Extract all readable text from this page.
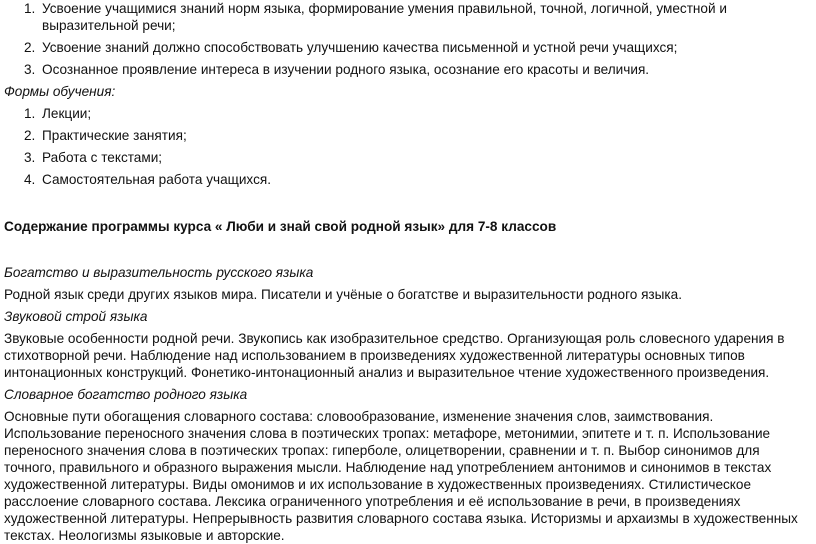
1. Усвоение учащимися знаний норм языка, формирование умения правильной, точной, логичной, уместной и выразительной речи;
2. Усвоение знаний должно способствовать улучшению качества письменной и устной речи учащихся;
3. Осознанное проявление интереса в изучении родного языка, осознание его красоты и величия.
Формы обучения:
1. Лекции;
2. Практические занятия;
3. Работа с текстами;
4. Самостоятельная работа учащихся.
Содержание программы курса « Люби и знай свой родной язык» для 7-8 классов
Богатство и выразительность русского языка

Родной язык среди других языков мира. Писатели и учёные о богатстве и выразительности родного языка.

Звуковой строй языка

Звуковые особенности родной речи. Звукопись как изобразительное средство. Организующая роль словесного ударения в стихотворной речи. Наблюдение над использованием в произведениях художественной литературы основных типов интонационных конструкций. Фонетико-интонационный анализ и выразительное чтение художественного произведения.

Словарное богатство родного языка

Основные пути обогащения словарного состава: словообразование, изменение значения слов, заимствования. Использование переносного значения слова в поэтических тропах: метафоре, метонимии, эпитете и т. п. Использование переносного значения слова в поэтических тропах: гиперболе, олицетворении, сравнении и т. п. Выбор синонимов для точного, правильного и образного выражения мысли. Наблюдение над употреблением антонимов и синонимов в текстах художественной литературы. Виды омонимов и их использование в художественных произведениях. Стилистическое расслоение словарного состава. Лексика ограниченного употребления и её использование в речи, в произведениях художественной литературы. Непрерывность развития словарного состава языка. Историзмы и архаизмы в художественных текстах. Неологизмы языковые и авторские.
